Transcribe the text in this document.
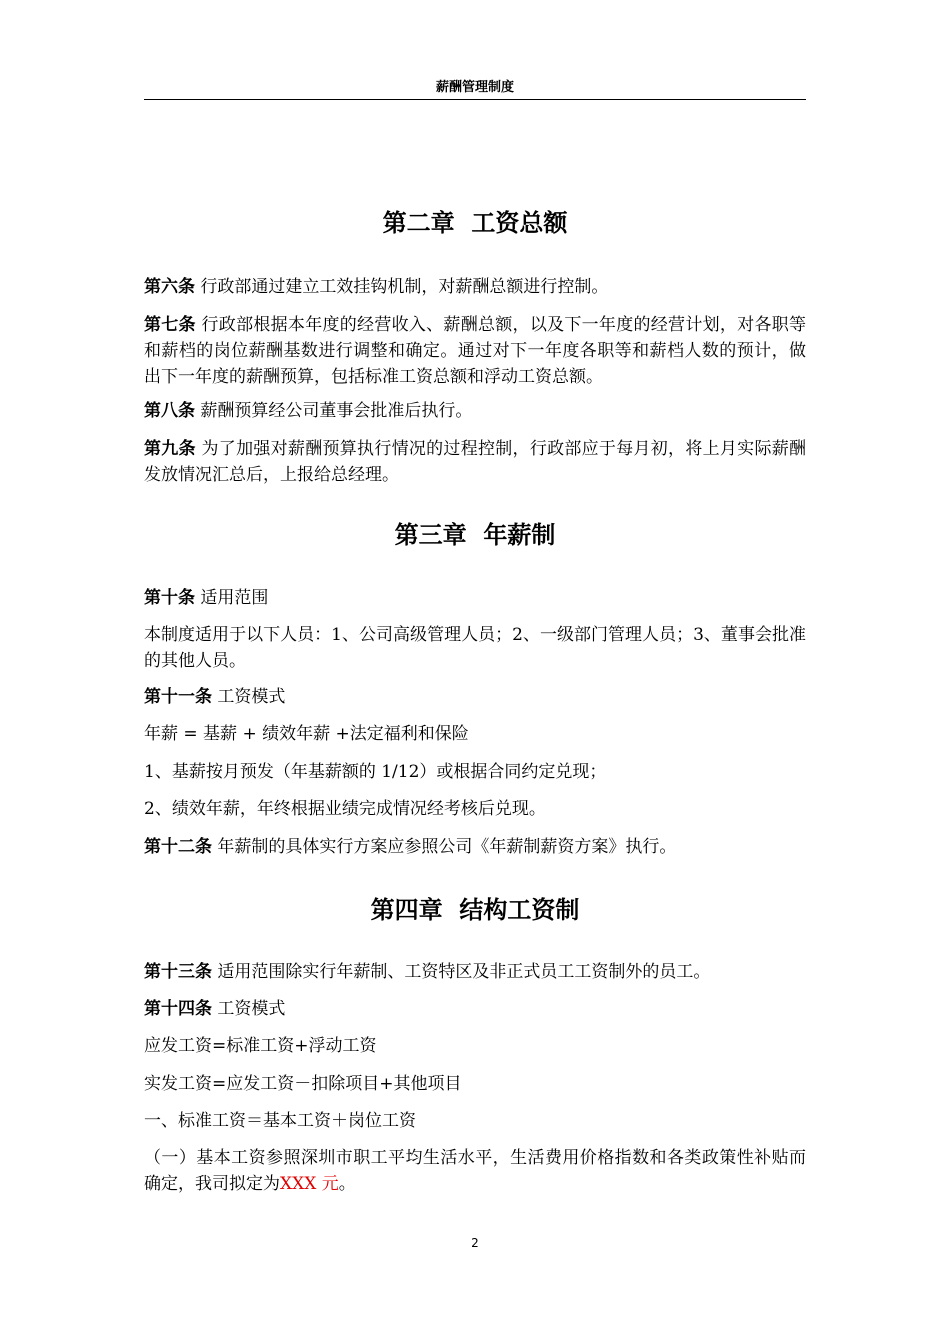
薪酬管理制度
第二章  工资总额
第六条 行政部通过建立工效挂钩机制，对薪酬总额进行控制。
第七条 行政部根据本年度的经营收入、薪酬总额，以及下一年度的经营计划，对各职等和薪档的岗位薪酬基数进行调整和确定。通过对下一年度各职等和薪档人数的预计，做出下一年度的薪酬预算，包括标准工资总额和浮动工资总额。
第八条 薪酬预算经公司董事会批准后执行。
第九条 为了加强对薪酬预算执行情况的过程控制，行政部应于每月初，将上月实际薪酬发放情况汇总后，上报给总经理。
第三章  年薪制
第十条 适用范围
本制度适用于以下人员：1、公司高级管理人员；2、一级部门管理人员；3、董事会批准的其他人员。
第十一条 工资模式
年薪 = 基薪 + 绩效年薪 +法定福利和保险
1、基薪按月预发（年基薪额的 1/12）或根据合同约定兑现；
2、绩效年薪，年终根据业绩完成情况经考核后兑现。
第十二条 年薪制的具体实行方案应参照公司《年薪制薪资方案》执行。
第四章  结构工资制
第十三条 适用范围除实行年薪制、工资特区及非正式员工工资制外的员工。
第十四条 工资模式
应发工资=标准工资+浮动工资
实发工资=应发工资－扣除项目+其他项目
一、标准工资＝基本工资＋岗位工资
（一）基本工资参照深圳市职工平均生活水平，生活费用价格指数和各类政策性补贴而确定，我司拟定为XXX 元。
2
